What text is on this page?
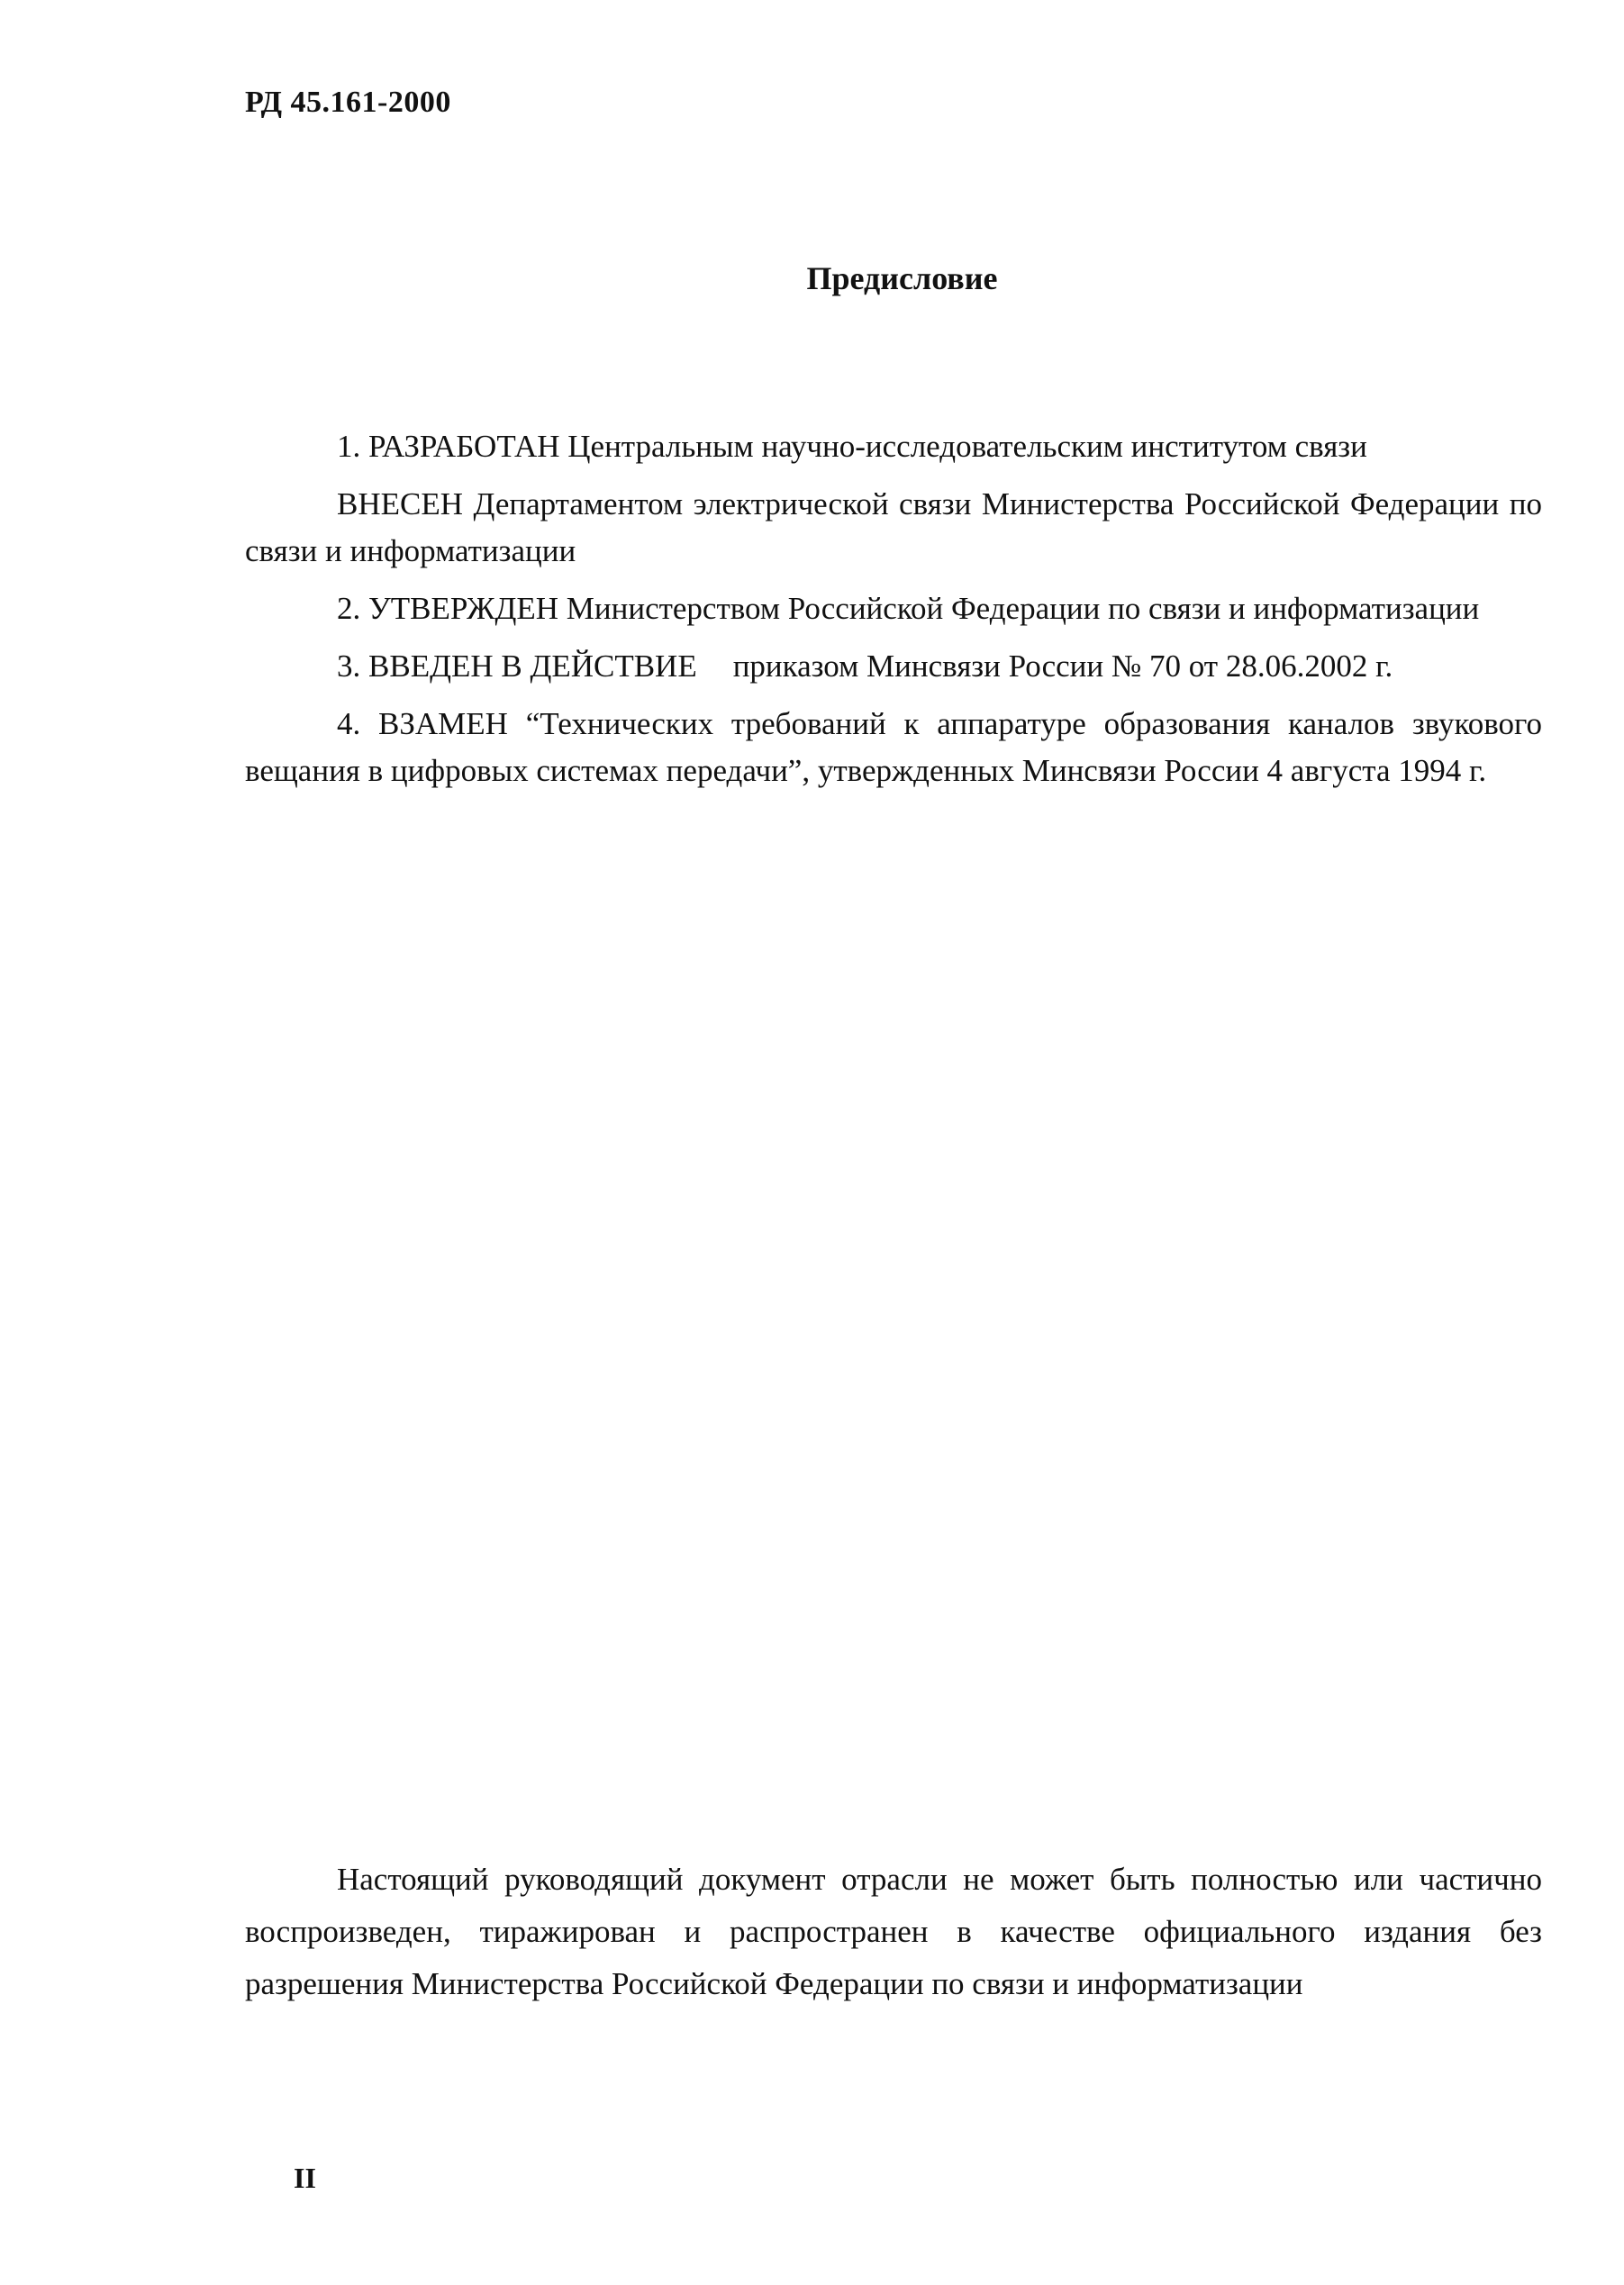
РД 45.161-2000
Предисловие

1. РАЗРАБОТАН Центральным научно-исследовательским институтом связи

ВНЕСЕН Департаментом электрической связи Министерства Российской Федерации по связи и информатизации

2. УТВЕРЖДЕН Министерством Российской Федерации по связи и информатизации

3. ВВЕДЕН В ДЕЙСТВИЕ приказом Минсвязи России № 70 от 28.06.2002 г.

4. ВЗАМЕН “Технических требований к аппаратуре образования каналов звукового вещания в цифровых системах передачи”, утвержденных Минсвязи России 4 августа 1994 г.

Настоящий руководящий документ отрасли не может быть полностью или частично воспроизведен, тиражирован и распространен в качестве официального издания без разрешения Министерства Российской Федерации по связи и информатизации

II
